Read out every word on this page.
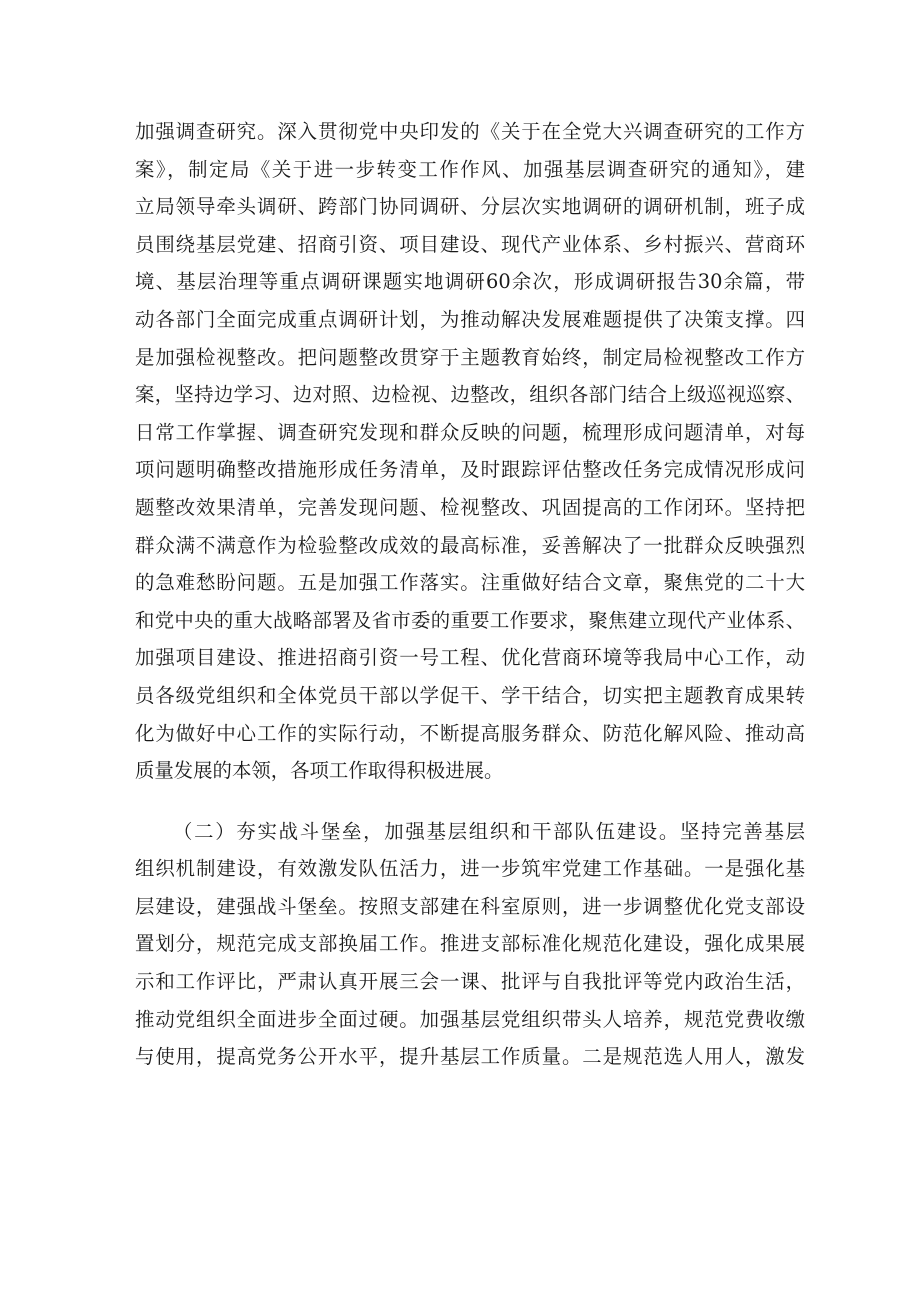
加强调查研究。深入贯彻党中央印发的《关于在全党大兴调查研究的工作方
案》，制定局《关于进一步转变工作作风、加强基层调查研究的通知》，建
立局领导牵头调研、跨部门协同调研、分层次实地调研的调研机制，班子成
员围绕基层党建、招商引资、项目建设、现代产业体系、乡村振兴、营商环
境、基层治理等重点调研课题实地调研60余次，形成调研报告30余篇，带
动各部门全面完成重点调研计划，为推动解决发展难题提供了决策支撑。四
是加强检视整改。把问题整改贯穿于主题教育始终，制定局检视整改工作方
案，坚持边学习、边对照、边检视、边整改，组织各部门结合上级巡视巡察、
日常工作掌握、调查研究发现和群众反映的问题，梳理形成问题清单，对每
项问题明确整改措施形成任务清单，及时跟踪评估整改任务完成情况形成问
题整改效果清单，完善发现问题、检视整改、巩固提高的工作闭环。坚持把
群众满不满意作为检验整改成效的最高标准，妥善解决了一批群众反映强烈
的急难愁盼问题。五是加强工作落实。注重做好结合文章，聚焦党的二十大
和党中央的重大战略部署及省市委的重要工作要求，聚焦建立现代产业体系、
加强项目建设、推进招商引资一号工程、优化营商环境等我局中心工作，动
员各级党组织和全体党员干部以学促干、学干结合，切实把主题教育成果转
化为做好中心工作的实际行动，不断提高服务群众、防范化解风险、推动高
质量发展的本领，各项工作取得积极进展。
（二）夯实战斗堡垒，加强基层组织和干部队伍建设。坚持完善基层
组织机制建设，有效激发队伍活力，进一步筑牢党建工作基础。一是强化基
层建设，建强战斗堡垒。按照支部建在科室原则，进一步调整优化党支部设
置划分，规范完成支部换届工作。推进支部标准化规范化建设，强化成果展
示和工作评比，严肃认真开展三会一课、批评与自我批评等党内政治生活，
推动党组织全面进步全面过硬。加强基层党组织带头人培养，规范党费收缴
与使用，提高党务公开水平，提升基层工作质量。二是规范选人用人，激发
